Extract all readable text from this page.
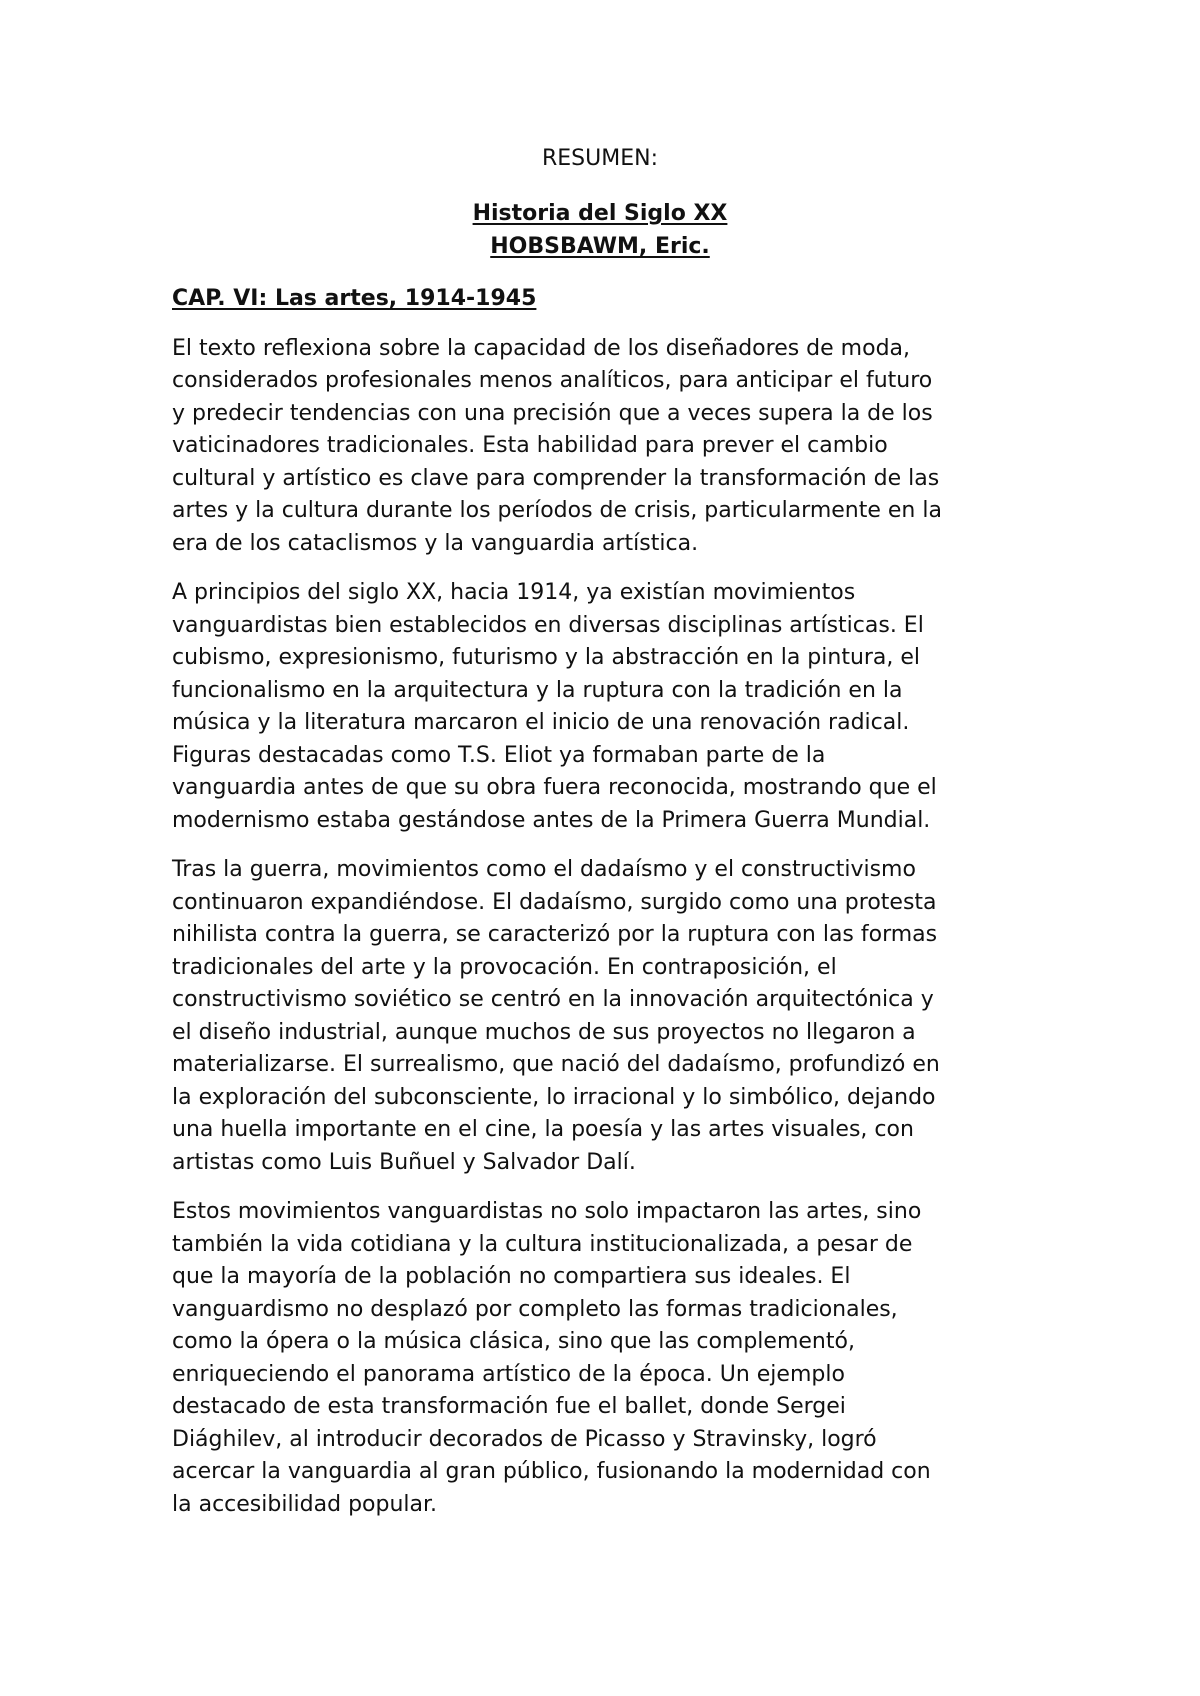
RESUMEN:
Historia del Siglo XX
HOBSBAWM, Eric.
CAP. VI: Las artes, 1914-1945
El texto reflexiona sobre la capacidad de los diseñadores de moda,
considerados profesionales menos analíticos, para anticipar el futuro
y predecir tendencias con una precisión que a veces supera la de los
vaticinadores tradicionales. Esta habilidad para prever el cambio
cultural y artístico es clave para comprender la transformación de las
artes y la cultura durante los períodos de crisis, particularmente en la
era de los cataclismos y la vanguardia artística.
A principios del siglo XX, hacia 1914, ya existían movimientos
vanguardistas bien establecidos en diversas disciplinas artísticas. El
cubismo, expresionismo, futurismo y la abstracción en la pintura, el
funcionalismo en la arquitectura y la ruptura con la tradición en la
música y la literatura marcaron el inicio de una renovación radical.
Figuras destacadas como T.S. Eliot ya formaban parte de la
vanguardia antes de que su obra fuera reconocida, mostrando que el
modernismo estaba gestándose antes de la Primera Guerra Mundial.
Tras la guerra, movimientos como el dadaísmo y el constructivismo
continuaron expandiéndose. El dadaísmo, surgido como una protesta
nihilista contra la guerra, se caracterizó por la ruptura con las formas
tradicionales del arte y la provocación. En contraposición, el
constructivismo soviético se centró en la innovación arquitectónica y
el diseño industrial, aunque muchos de sus proyectos no llegaron a
materializarse. El surrealismo, que nació del dadaísmo, profundizó en
la exploración del subconsciente, lo irracional y lo simbólico, dejando
una huella importante en el cine, la poesía y las artes visuales, con
artistas como Luis Buñuel y Salvador Dalí.
Estos movimientos vanguardistas no solo impactaron las artes, sino
también la vida cotidiana y la cultura institucionalizada, a pesar de
que la mayoría de la población no compartiera sus ideales. El
vanguardismo no desplazó por completo las formas tradicionales,
como la ópera o la música clásica, sino que las complementó,
enriqueciendo el panorama artístico de la época. Un ejemplo
destacado de esta transformación fue el ballet, donde Sergei
Diághilev, al introducir decorados de Picasso y Stravinsky, logró
acercar la vanguardia al gran público, fusionando la modernidad con
la accesibilidad popular.
